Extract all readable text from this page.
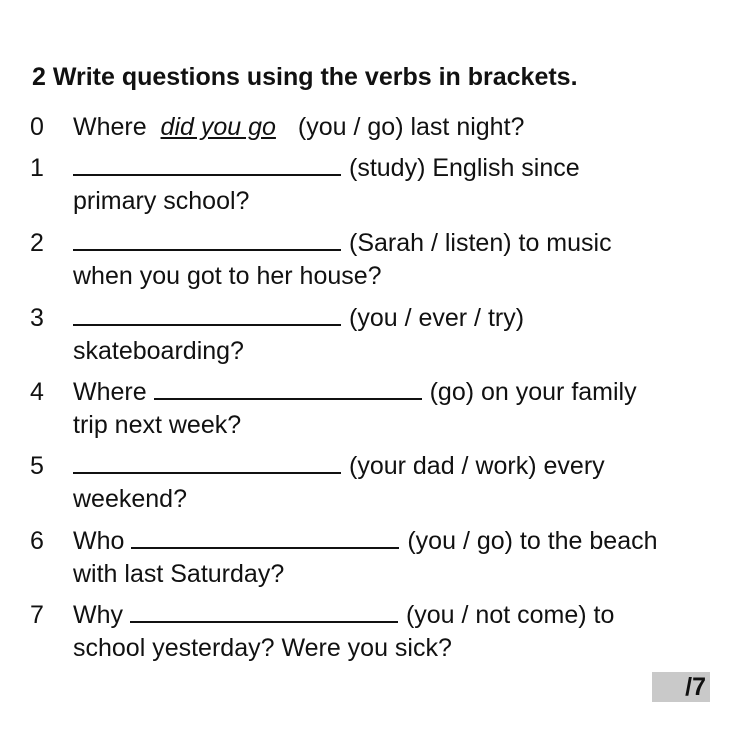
2 Write questions using the verbs in brackets.
0	Where did you go (you / go) last night?
1	(study) English since
primary school?
2	(Sarah / listen) to music
when you got to her house?
3	(you / ever / try)
skateboarding?
4	Where	(go) on your family
trip next week?
5	(your dad / work) every
weekend?
6	Who	(you / go) to the beach
with last Saturday?
7	Why	(you / not come) to
school yesterday? Were you sick?
/7
